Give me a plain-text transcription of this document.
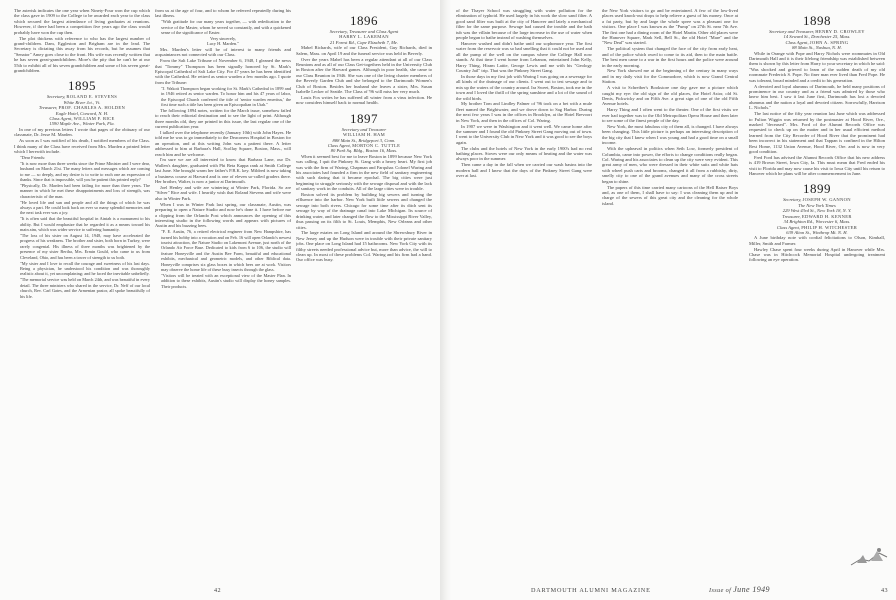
The asterisk indicates the one year when Ninety-Four won the cup which the class gave in 1909 to the College to be awarded each year to the class which secured the largest attendance of living graduates at reunions. However, if there had been a competition five years ago the class would probably have won the cup then.

The plot thickens with reference to who has the largest number of grand-children. Dam, Eggleston and Brigham are in the lead. The Secretary is dictating this away from his records, but he assumes that "Senator" Amey goes close to the front. His wife was recently written that he has seven great-grandchildren. More's the pity that he can't be at our 55th to exhibit all of his seven grandchildren and some of his seven great-grandchildren.

1895
Secretary, ROLAND E. STEVENS
White River Jct., Vt.
Treasurer, PROF. CHARLES A. HOLDEN
Eagle Hotel, Concord, N. H.
Class Agent, WILLIAM F. RICE
1590 Maple Ave., Winter Park, Fla.

In one of my previous letters I wrote that pages of the obituary of our classmate, Dr. Jesse M. Marden.

As soon as I was notified of his death, I notified members of the Class. I think many of the Class have received from Mrs. Marden a printed letter which I herewith include.

"Dear Friends:

"It is now more than three weeks since the Prime Minister and I were dear, husband on March 21st. The many letters and messages which are coming to me — so deeply, and my desire is to write to each one an expression of thanks. Since that is impossible, will you be patient this printed reply?

"Physically, Dr. Marden had been failing for more than three years. The manner in which he met these disappointments and loss of strength, was characteristic of the man.

"He loved life and sun and people and all the things of which he was always a part. He could look back on ever so many splendid memories and the next task ever was a joy.

"It is often said that the beautiful hospital in Aintab is a monument to his ability. But I would emphasize that he regarded it as a means toward his main aim, which was wider service to suffering humanity.

"The loss of his sister on August 14, 1948, may have accelerated the progress of his weakness. The brother and sister, both born in Turkey, were rarely congenial. His illness of three months was brightened by the presence of my sister Bertha, Mrs. Ermin Gould, who came to us from Cleveland, Ohio, and has been a tower of strength to us both.

"My sister and I love to recall the courage and sweetness of his last days. Being a physician, he understood his condition and was thoroughly realistic about it, yet uncomplaining; and he faced the inevitable unbeliefly.

"The memorial service was held on March 24th, and was beautiful in every detail. The three ministers who shared in the service, Dr. Neff of our local church, Rev. Carl Gates, and the Armenian pastor, all spoke beautifully of his life.

from us at the age of four, and to whom he referred repeatedly during his last illness.

"With gratitude for our many years together, — with rededication to the service of the Master, whom he served so constantly, and with a quickened sense of the significance of Easter.

Very sincerely,
Lucy H. Marden."

Mrs. Marden's letter will be of interest to many friends and acquaintances not connected with our Class.

From the Salt Lake Tribune of November 6, 1948, I gleaned the news that "Tommy" Thompson has been signally honored by St. Mark's Episcopal Cathedral of Salt Lake City. For 47 years he has been identified with the Cathedral. He retired as senior warden a few months ago. I quote from the Tribune:

"J. Wakott Thompson began working for St. Mark's Cathedral in 1899 and in 1946 retired as senior warden. To honor him and his 47 years of labor, the Episcopal Church conferred the title of 'senior warden emeritus,' the first time such a title has been given an Episcopalian in Utah."

The following 1894 notes, written for the March issue, somehow failed to reach their editorial destination and to see the light of print. Although three months old, they are printed in this issue, the last regular one of the current publication year.

I talked over the telephone recently (January 10th) with John Hayes. He told me he was to go immediately to the Deaconess Hospital in Boston for an operation, and at this writing John was a patient there. A letter addressed to him at Barbara's Hall, Scollay Square, Boston, Mass., will reach him and be welcome.

I'm sure we are all interested to know that Barbara Lane, our Dr. Wallen's daughter, graduated with Phi Beta Kappa rank at Smith College last June. She brought warm her father's P.B.K. key. Mildred is now taking a business course at Harvard and is one of eleven so-called graders there. Her brother, Walter, is now a junior at Dartmouth.

Joel Henley and wife are wintering at Winter Park, Florida. So are "Silver" Rice and wife. I heartily wish that Roland Stevens and wife were also in Winter Park.

When I was in Winter Park last spring, our classmate, Austin, was preparing to open a Nature Studio and now he's done it. I have before me a clipping from the Orlando Post which announces the opening of this interesting studio in the following words and appears with pictures of Austin and his buzzing bees.

"F. E. Austin, 76, a retired electrical engineer from New Hampshire, has turned his hobby into a vocation and on Feb. 16 will open Orlando's newest tourist attraction, the Nature Studio on Lakemont Avenue, just north of the Orlando Air Force Base. Dedicated to kids from 6 to 106, the studio will feature Honeyville and the Austin Bee Farm, beautiful and educational exhibits, mechanical and geometric models, and other Biblical data. Honeyville comprises six glass boxes in which bees are at work. Visitors may observe the home life of these busy insects through the glass.

"Visitors will be treated with an exceptional view of the Master Plan. In addition to these exhibits, Austin's studio will display the honey samples. Their products.

1896
Secretary, Treasurer and Class Agent
HARRY L. LAKEMAN
21 Forest Rd., Cape Elizabeth 7, Me.

Mabel Richards, wife of our Class President, Guy Richards, died in Salem, Mass. on April 19 and the funeral service was held in Beverly.

Over the years Mabel has been a regular attendant at all of our Class Reunions and as all of our Class Get-togethers held in the University Club in Boston after the Harvard games. Although in poor health, she came to our Class Reunion in 1946. She was one of the living charter members of the Beverly Garden Club and she belonged to the Dartmouth Women's Club of Boston. Besides her husband she leaves a sister, Mrs. Susan Isabelle Lecker of Seattle. The Class of '96 will miss her very much.

Louis Fox writes he has suffered all winter from a virus infection. He now considers himself back to normal health.

1897
Secretary and Treasurer
WILLIAM H. HAM
888 Main St., Bridgeport 3, Conn.
Class Agent, MORTON C. TUTTLE
80 Park Sq. Bldg., Boston 16, Mass.

When it seemed best for me to leave Boston in 1899 because New York was calling, I quit the Pinkney St. Gang with a heavy heart. My first job was with the firm of Waring, Chapman and Farquhar. Colonel Waring and his associates had founded a firm in the new field of sanitary engineering with such daring that it became epochal. The big cities were just beginning to struggle seriously with the sewage disposal and with the lack of sanitary work in the conduits. All of the large cities were in trouble.

Boston solved its problem by building big sewers and turning the effluence into the harbor. New York built little sewers and changed the sewage into both rivers. Chicago for some time after its ditch sent its sewage by way of the drainage canal into Lake Michigan. Its source of drinking water, and later changed the flow to the Mississippi River Valley, thus passing on its filth to St. Louis, Memphis, New Orleans and other cities.

The large estates on Long Island and around the Shrewsbury River in New Jersey and up the Hudson were in trouble with their private sanitary jobs. One place on Long Island had 15 bathrooms. New York City with its filthy streets needed professional advice but, more than advice, the will to clean up. In most of these problems Col. Waring and his firm had a hand. Our office was busy.

42

of the Thayer School was struggling with water pollution for the elimination of typhoid. He used largely in his work the slow sand filter. A good sand filter was built at the city of Hanover and lately a mechanical filter for the same purpose. Sewage had caused the trouble and the bath tub was the villain because of the large increase in the use of water when people began to bathe instead of washing themselves.

Hanover washed and didn't bathe until our sophomore year. The first water from the reservoir was so bad smelling that it could not be used and all the pump of the well on the campus where the College Hall now stands. At that time I went home from Lebanon, entertained John Kelly, Harry Thing, Hiram Lattie, George Lewis and me with his "Geology Country Jail" trip. That was the Pinkney Street Gang.

In those days in my first job with Waring I was going on a sewerage for all kinds of the drainage of our clients. I went out to test sewage and to mix up the waters of the country around. Ira Sweet, Boston, took me in the town and I loved the thrill of the spring sunshine and a lot of the sound of the wild birds.

My brother Tom and Lindley Palmer of '96 took on a bet with a mule fleet named the Brightwater, and we drove down to Sag Harbor. During the next few years I was in the offices in Brooklyn, at the Hotel Brevoort in New York, and then in the offices of Col. Waring.

In 1907 we were in Washington and it went well. We came home after the summer and I found the old Pinkney Street Gang moving out of town. I went to the University Club in New York and it was good to see the boys again.

The clubs and the hotels of New York in the early 1900's had no real bathing places. Stoves were our only means of heating and the water was always poor in the summer.

Then came a day in the fall when we carried our wash basins into the modern hall and I knew that the days of the Pinkney Street Gang were over at last.

the New York visitors to go and be entertained. A few of the low-lived places used knock-out drops to help relieve a guest of his money. Once at a fat party, but by and large the whole spree was a pleasant one for visitors. One place I was known as the "Pump" on 27th St. near 7th Ave. The first one had a dining room of the Hotel Martin. Other old places were the Hanover Square, Mark Sell, Bell St., the old Hotel "Mare" and the "New Deal" was started.

The political system that changed the face of the city from early heat, and of the police which owed to come to its aid, then to the main battle. The best men came to a war in the first hours and the police were around in the early morning.

New York showed me at the beginning of the century in many ways and in my daily visit for the Commodore, which is now Grand Central Station.

A visit to Schreiber's Bookstore one day gave me a picture which caught my eye: the old sign of the old places, the Hotel Astor, old St. Denis, Pickwicky and on Fifth Ave. a great sign of one of the old Fifth Avenue hotels.

Harry Thing and I often went to the theater. One of the first visits we ever had together was to the Old Metropolitan Opera House and then later to see some of the finest people of the day.

New York, the most fabulous city of them all, is changed. I have always been changing. This little picture is perhaps an interesting description of the big city that I knew when I was young and had a good time on a small income.

With the upheaval in politics when Seth Low, formerly president of Columbia, came into power, the efforts to change conditions really began. Col. Waring and his associates to clean up the city were very evident. This great army of men, who were dressed in their white suits and white hats with wheel push carts and brooms, changed it all from a rubbishy, dirty, smelly city to one of the grand avenues and many of the cross streets began to shine.

The papers of this time carried many cartoons of the Hell Raiser Boys and, as one of them, I shall have to say: I was cleaning them up and in charge of the sewers of this great city and the cleaning for the whole island.

1898
Secretary and Treasurer, HENRY D. CROWLEY
14 Seward St., Dorchester 25, Mass.
Class Agent, JOHN A. SPRING
88 Main St., Nashua, N. H.

While in Orange with Pope and Harry Nichols were roommates in Old Dartmouth Hall and it is their lifelong friendship was established between them is shown by this letter from Harry to your secretary in which he said: "Was shocked and grieved to learn of the sudden death of my old roommate Frederick S. Pope. No finer man ever lived than Fred Pope. He was tolerant, broad minded and a credit to his generation.

A devoted and loyal alumnus of Dartmouth, he held many positions of prominence in our country and as a friend was admired by those who knew him best. I saw it last June first, Dartmouth has lost a devoted alumnus and the nation a loyal and devoted citizen. Sorrowfully, Harrison L. Nichols."

The last notice of the fifty year reunion last June which was addressed to Fulton Wiggin was returned by the postmaster at Hood River, Ore., marked "deceased". Mrs. Ford of the Alumni Records Office was requested to check up on the matter and in her usual efficient method learned from the City Recorder of Hood River that the prominent had been incorrect in his statement and that Tappan is confined in the Hilton Rest Home, 1132 Union Avenue, Hood River, Ore. and is now in very good condition.

Fred Ford has advised the Alumni Records Office that his new address is 419 Brown Street, Iowa City, Ia. This must mean that Fred ended his visit to Florida and may now cause his visit to Iowa City until his return to Hanover which he plans will be after commencement in June.

1899
Secretary, JOSEPH W. GANNON
The New York Times
229 West 43rd St., New York 18, N. Y.
Treasurer, EDWARD H. KENNER
34 Brighton Rd., Worcester 6, Mass.
Class Agent, PHILIP H. WITCHESTER
639 Alton St., Winthrop Mt. N. H.

A June birthday note with cordial felicitations to Olson, Kimball, Miller, Smith and Farmer.

Hawley Chase spent four weeks during April in Hanover while Mrs. Chase was in Hitchcock Memorial Hospital undergoing treatment following an eye operation.

DARTMOUTH ALUMNI MAGAZINE	Issue of June 1949	43
